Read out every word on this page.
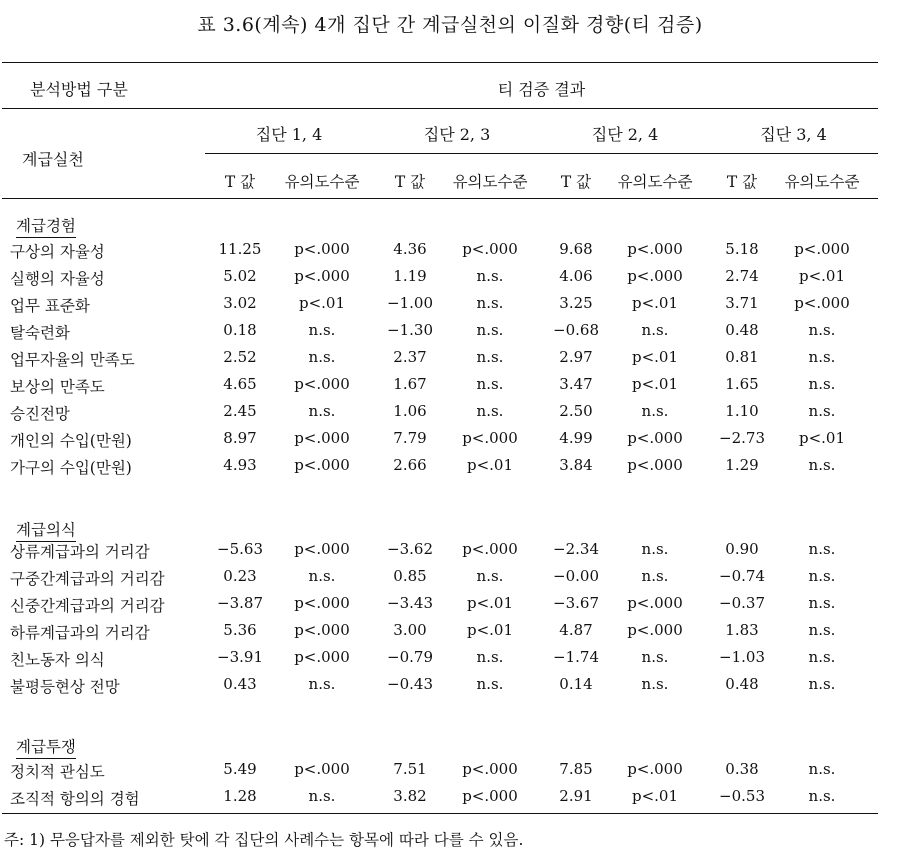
표 3.6(계속) 4개 집단 간 계급실천의 이질화 경향(티 검증)
분석방법 구분	티 검증 결과
계급실천
집단 1, 4	집단 2, 3	집단 2, 4	집단 3, 4
T 값	유의도수준	T 값	유의도수준	T 값	유의도수준	T 값	유의도수준
계급경험
구상의 자율성	11.25	p<.000	4.36	p<.000	9.68	p<.000	5.18	p<.000
실행의 자율성	5.02	p<.000	1.19	n.s.	4.06	p<.000	2.74	p<.01
업무 표준화	3.02	p<.01	−1.00	n.s.	3.25	p<.01	3.71	p<.000
탈숙련화	0.18	n.s.	−1.30	n.s.	−0.68	n.s.	0.48	n.s.
업무자율의 만족도	2.52	n.s.	2.37	n.s.	2.97	p<.01	0.81	n.s.
보상의 만족도	4.65	p<.000	1.67	n.s.	3.47	p<.01	1.65	n.s.
승진전망	2.45	n.s.	1.06	n.s.	2.50	n.s.	1.10	n.s.
개인의 수입(만원)	8.97	p<.000	7.79	p<.000	4.99	p<.000	−2.73	p<.01
가구의 수입(만원)	4.93	p<.000	2.66	p<.01	3.84	p<.000	1.29	n.s.
계급의식
상류계급과의 거리감	−5.63	p<.000	−3.62	p<.000	−2.34	n.s.	0.90	n.s.
구중간계급과의 거리감	0.23	n.s.	0.85	n.s.	−0.00	n.s.	−0.74	n.s.
신중간계급과의 거리감	−3.87	p<.000	−3.43	p<.01	−3.67	p<.000	−0.37	n.s.
하류계급과의 거리감	5.36	p<.000	3.00	p<.01	4.87	p<.000	1.83	n.s.
친노동자 의식	−3.91	p<.000	−0.79	n.s.	−1.74	n.s.	−1.03	n.s.
불평등현상 전망	0.43	n.s.	−0.43	n.s.	0.14	n.s.	0.48	n.s.
계급투쟁
정치적 관심도	5.49	p<.000	7.51	p<.000	7.85	p<.000	0.38	n.s.
조직적 항의의 경험	1.28	n.s.	3.82	p<.000	2.91	p<.01	−0.53	n.s.
주: 1) 무응답자를 제외한 탓에 각 집단의 사례수는 항목에 따라 다를 수 있음.
